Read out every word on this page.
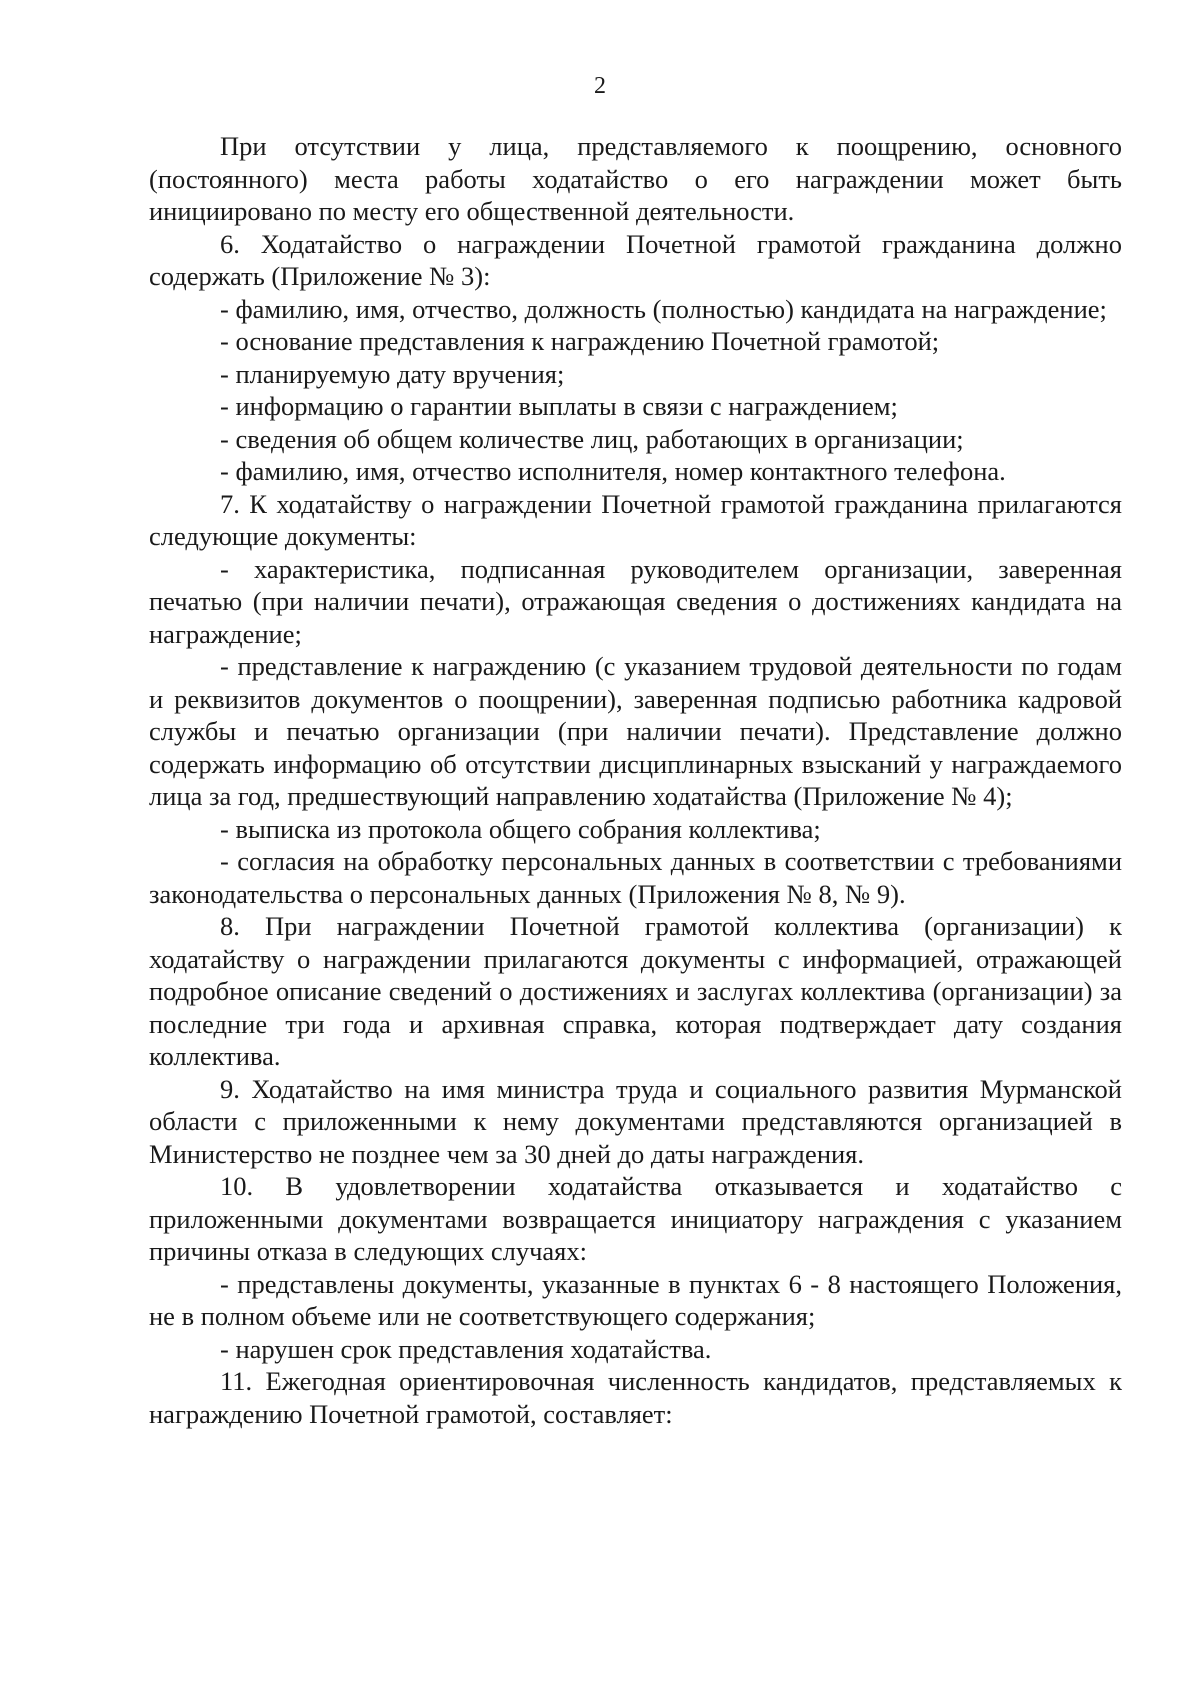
2

При отсутствии у лица, представляемого к поощрению, основного (постоянного) места работы ходатайство о его награждении может быть инициировано по месту его общественной деятельности.

6. Ходатайство о награждении Почетной грамотой гражданина должно содержать (Приложение № 3):

- фамилию, имя, отчество, должность (полностью) кандидата на награждение;

- основание представления к награждению Почетной грамотой;

- планируемую дату вручения;

- информацию о гарантии выплаты в связи с награждением;

- сведения об общем количестве лиц, работающих в организации;

- фамилию, имя, отчество исполнителя, номер контактного телефона.

7. К ходатайству о награждении Почетной грамотой гражданина прилагаются следующие документы:

- характеристика, подписанная руководителем организации, заверенная печатью (при наличии печати), отражающая сведения о достижениях кандидата на награждение;

- представление к награждению (с указанием трудовой деятельности по годам и реквизитов документов о поощрении), заверенная подписью работника кадровой службы и печатью организации (при наличии печати). Представление должно содержать информацию об отсутствии дисциплинарных взысканий у награждаемого лица за год, предшествующий направлению ходатайства (Приложение № 4);

- выписка из протокола общего собрания коллектива;

- согласия на обработку персональных данных в соответствии с требованиями законодательства о персональных данных (Приложения № 8, № 9).

8. При награждении Почетной грамотой коллектива (организации) к ходатайству о награждении прилагаются документы с информацией, отражающей подробное описание сведений о достижениях и заслугах коллектива (организации) за последние три года и архивная справка, которая подтверждает дату создания коллектива.

9. Ходатайство на имя министра труда и социального развития Мурманской области с приложенными к нему документами представляются организацией в Министерство не позднее чем за 30 дней до даты награждения.

10. В удовлетворении ходатайства отказывается и ходатайство с приложенными документами возвращается инициатору награждения с указанием причины отказа в следующих случаях:

- представлены документы, указанные в пунктах 6 - 8 настоящего Положения, не в полном объеме или не соответствующего содержания;

- нарушен срок представления ходатайства.

11. Ежегодная ориентировочная численность кандидатов, представляемых к награждению Почетной грамотой, составляет:
